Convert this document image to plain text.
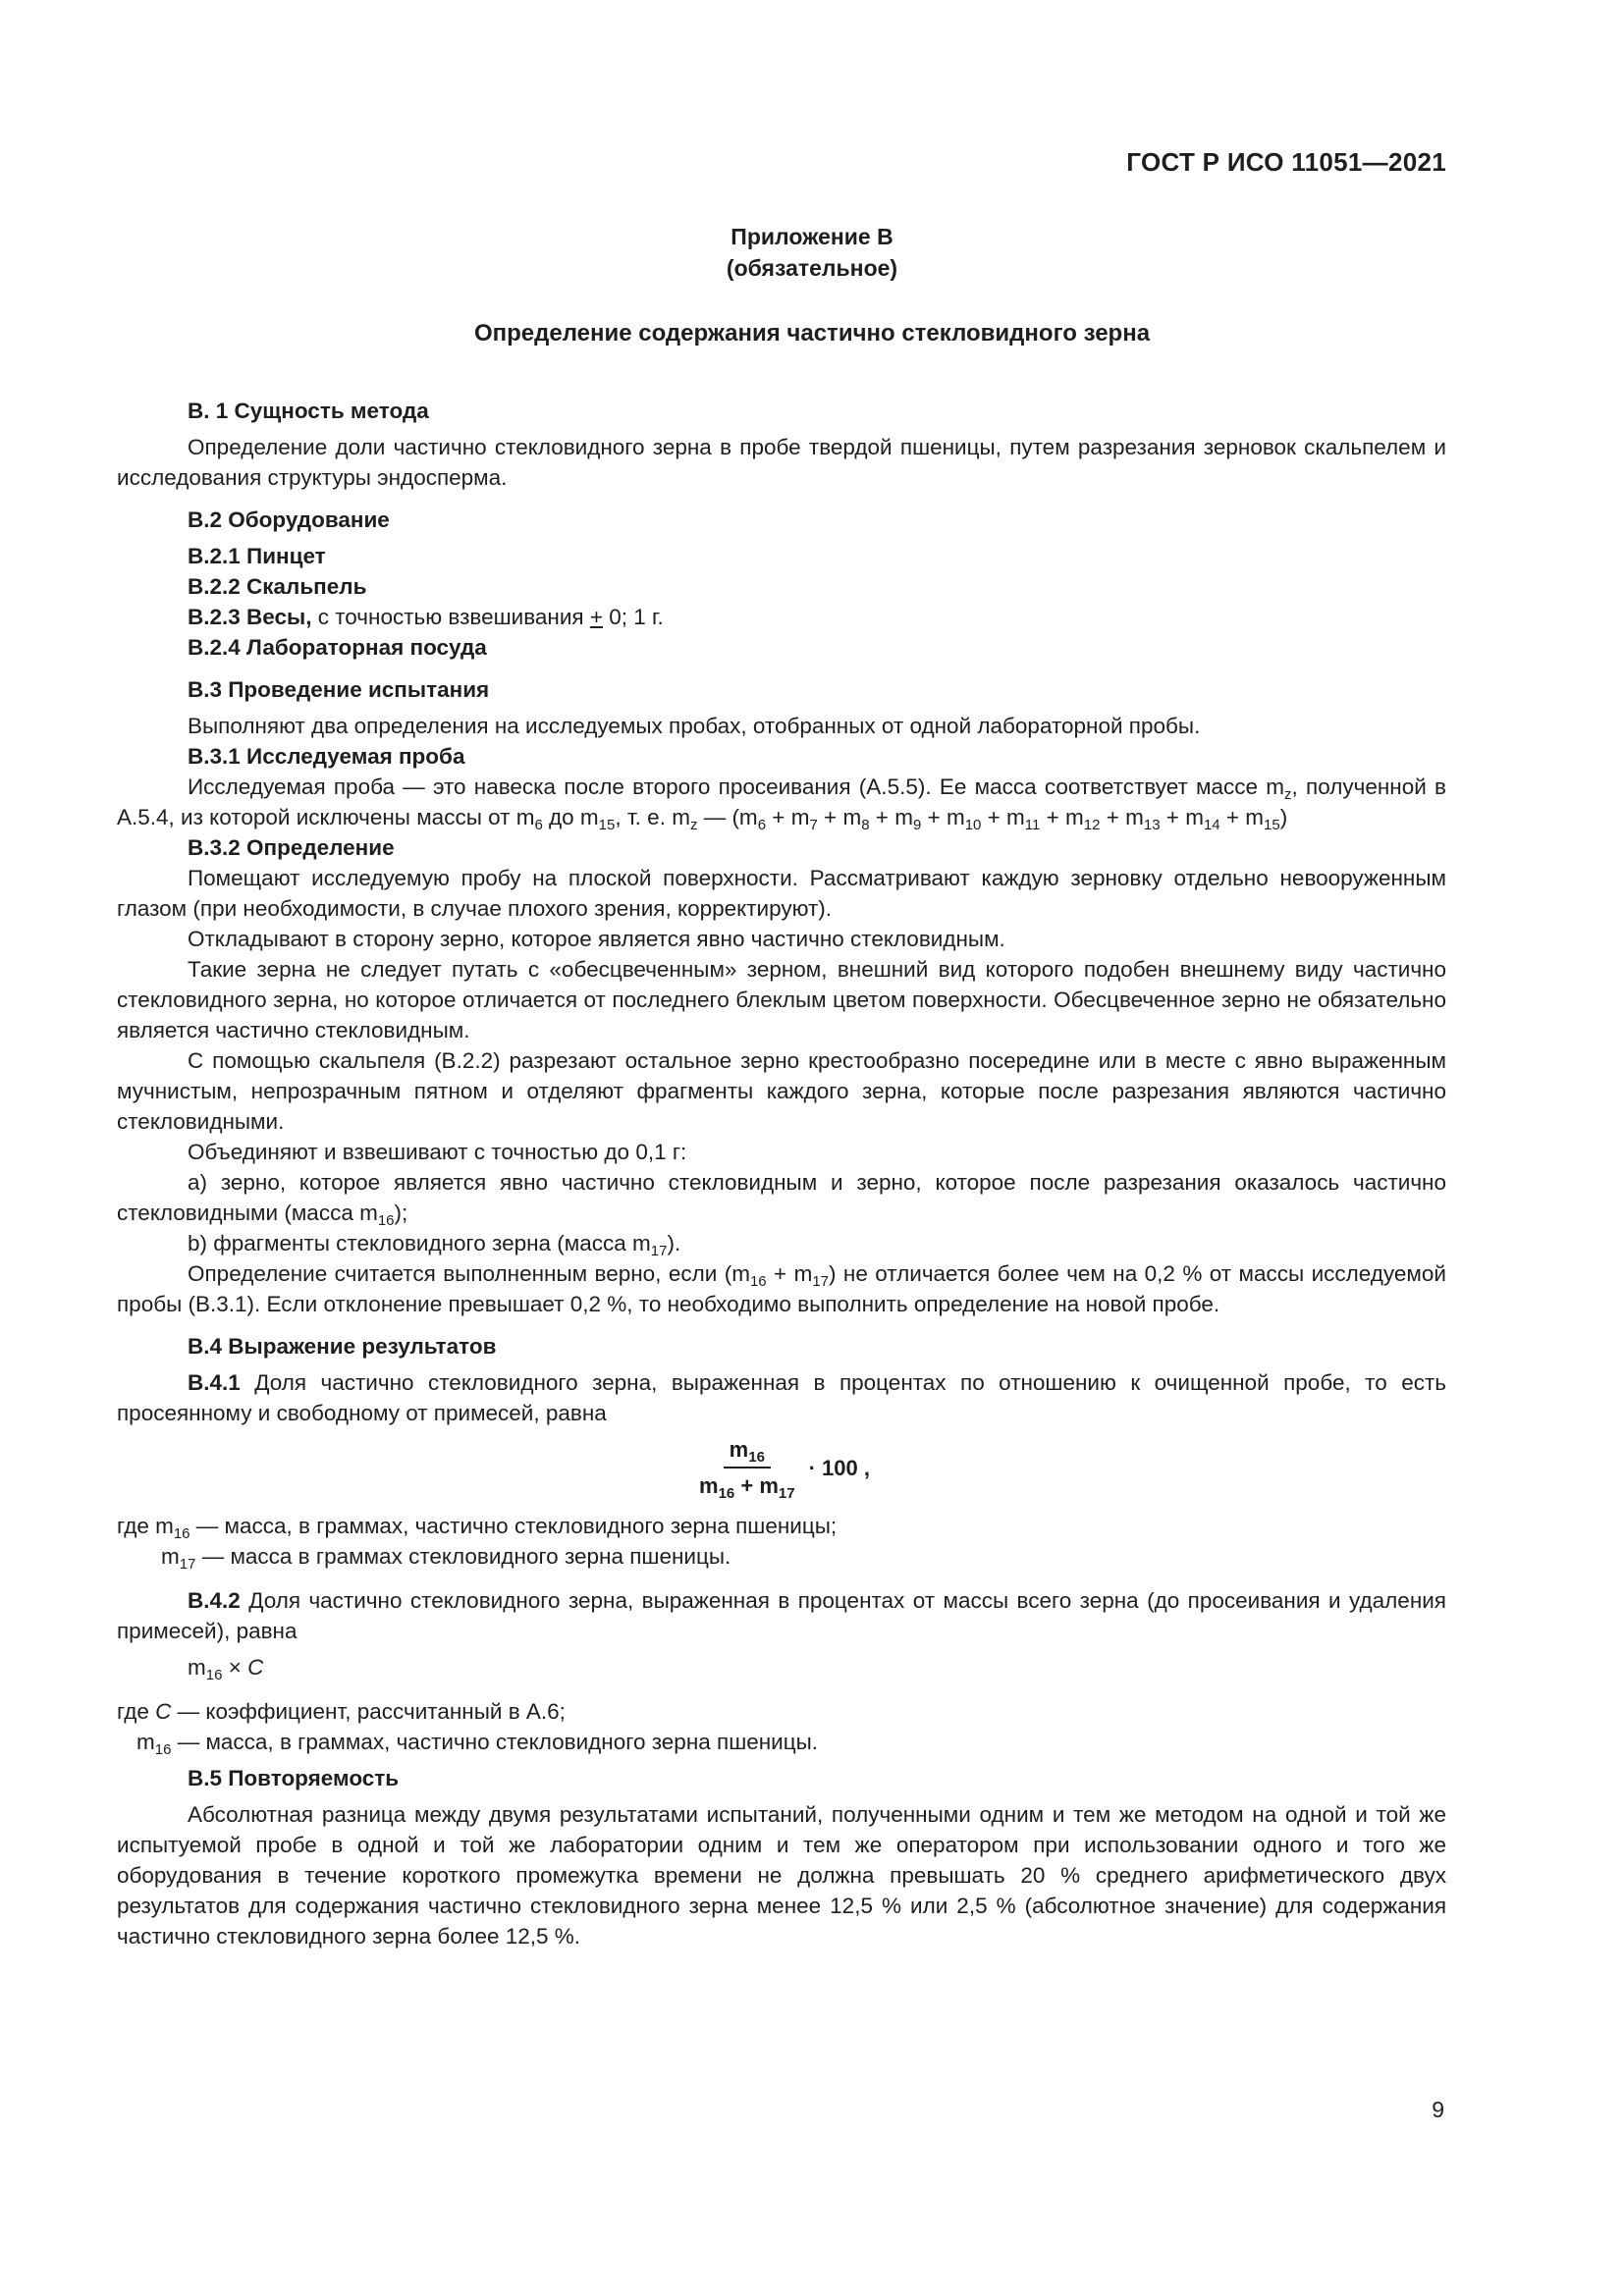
ГОСТ Р ИСО 11051—2021
Приложение В
(обязательное)
Определение содержания частично стекловидного зерна

В. 1 Сущность метода

Определение доли частично стекловидного зерна в пробе твердой пшеницы, путем разрезания зерновок скальпелем и исследования структуры эндосперма.

В.2 Оборудование

В.2.1 Пинцет

В.2.2 Скальпель

В.2.3 Весы, с точностью взвешивания + 0; 1 г.

В.2.4 Лабораторная посуда

В.3 Проведение испытания

Выполняют два определения на исследуемых пробах, отобранных от одной лабораторной пробы.

В.3.1 Исследуемая проба

Исследуемая проба — это навеска после второго просеивания (А.5.5). Ее масса соответствует массе $m_z$, полученной в А.5.4, из которой исключены массы от $m_6$ до $m_{15}$, т. е. $m_z$ — $(m_6 + m_7 + m_8 + m_9 + m_{10} + m_{11} + m_{12} + m_{13} + m_{14} + m_{15})$

В.3.2 Определение

Помещают исследуемую пробу на плоской поверхности. Рассматривают каждую зерновку отдельно невооруженным глазом (при необходимости, в случае плохого зрения, корректируют).

Откладывают в сторону зерно, которое является явно частично стекловидным.

Такие зерна не следует путать с «обесцвеченным» зерном, внешний вид которого подобен внешнему виду частично стекловидного зерна, но которое отличается от последнего блеклым цветом поверхности. Обесцвеченное зерно не обязательно является частично стекловидным.

С помощью скальпеля (В.2.2) разрезают остальное зерно крестообразно посередине или в месте с явно выраженным мучнистым, непрозрачным пятном и отделяют фрагменты каждого зерна, которые после разрезания являются частично стекловидными.

Объединяют и взвешивают с точностью до 0,1 г:

а) зерно, которое является явно частично стекловидным и зерно, которое после разрезания оказалось частично стекловидными (масса $m_{16}$);

b) фрагменты стекловидного зерна (масса $m_{17}$).

Определение считается выполненным верно, если $(m_{16} + m_{17})$ не отличается более чем на 0,2 % от массы исследуемой пробы (В.3.1). Если отклонение превышает 0,2 %, то необходимо выполнить определение на новой пробе.

В.4 Выражение результатов

В.4.1 Доля частично стекловидного зерна, выраженная в процентах по отношению к очищенной пробе, то есть просеянному и свободному от примесей, равна

$\frac{m_{16}}{m_{16} + m_{17}} \cdot 100$ ,

где $m_{16}$ — масса, в граммах, частично стекловидного зерна пшеницы;

$m_{17}$ — масса в граммах стекловидного зерна пшеницы.

В.4.2 Доля частично стекловидного зерна, выраженная в процентах от массы всего зерна (до просеивания и удаления примесей), равна

$m_{16} \times C$

где C — коэффициент, рассчитанный в А.6;

$m_{16}$ — масса, в граммах, частично стекловидного зерна пшеницы.

В.5 Повторяемость

Абсолютная разница между двумя результатами испытаний, полученными одним и тем же методом на одной и той же испытуемой пробе в одной и той же лаборатории одним и тем же оператором при использовании одного и того же оборудования в течение короткого промежутка времени не должна превышать 20 % среднего арифметического двух результатов для содержания частично стекловидного зерна менее 12,5 % или 2,5 % (абсолютное значение) для содержания частично стекловидного зерна более 12,5 %.

9
